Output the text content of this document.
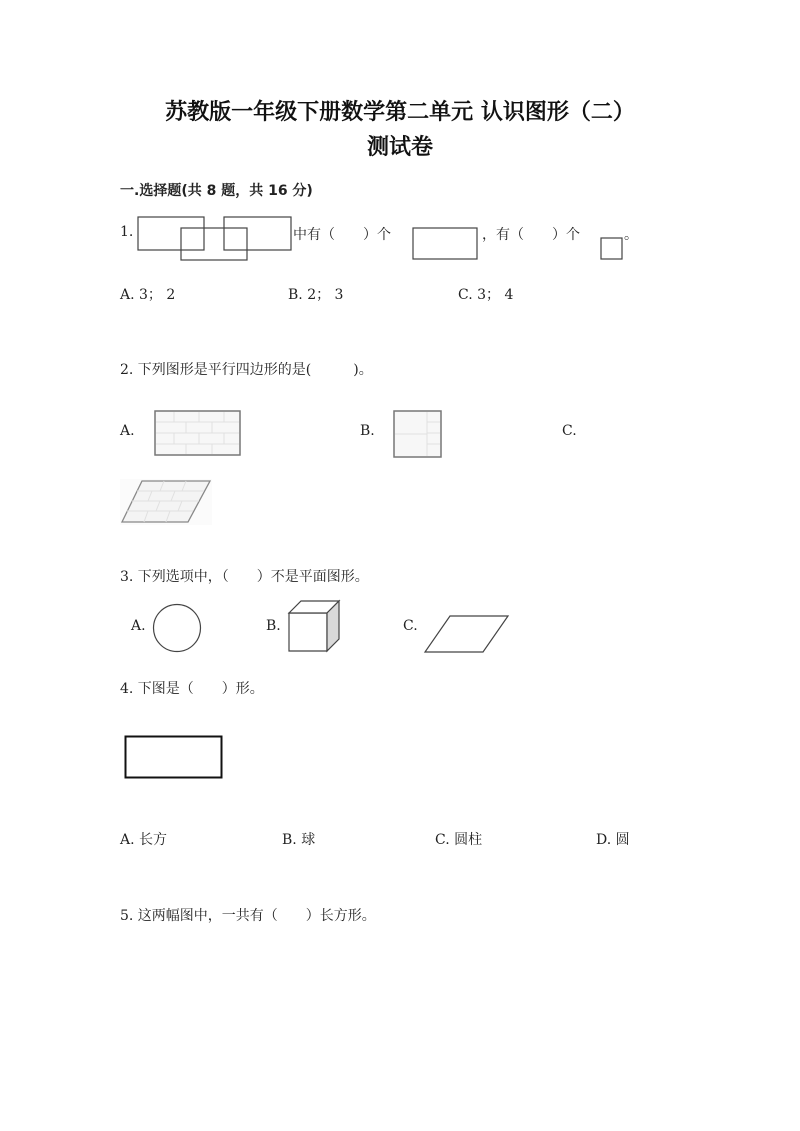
苏教版一年级下册数学第二单元 认识图形（二）
测试卷
一.选择题(共 8 题，共 16 分)
1.	中有（　　）个	，有（　　）个	。
A. 3； 2	B. 2； 3	C. 3； 4
2. 下列图形是平行四边形的是(　　　)。
A.	B.	C.
3. 下列选项中，（　　）不是平面图形。
A.	B.	C.
4. 下图是（　　）形。
A. 长方	B. 球	C. 圆柱	D. 圆
5. 这两幅图中，一共有（　　）长方形。
